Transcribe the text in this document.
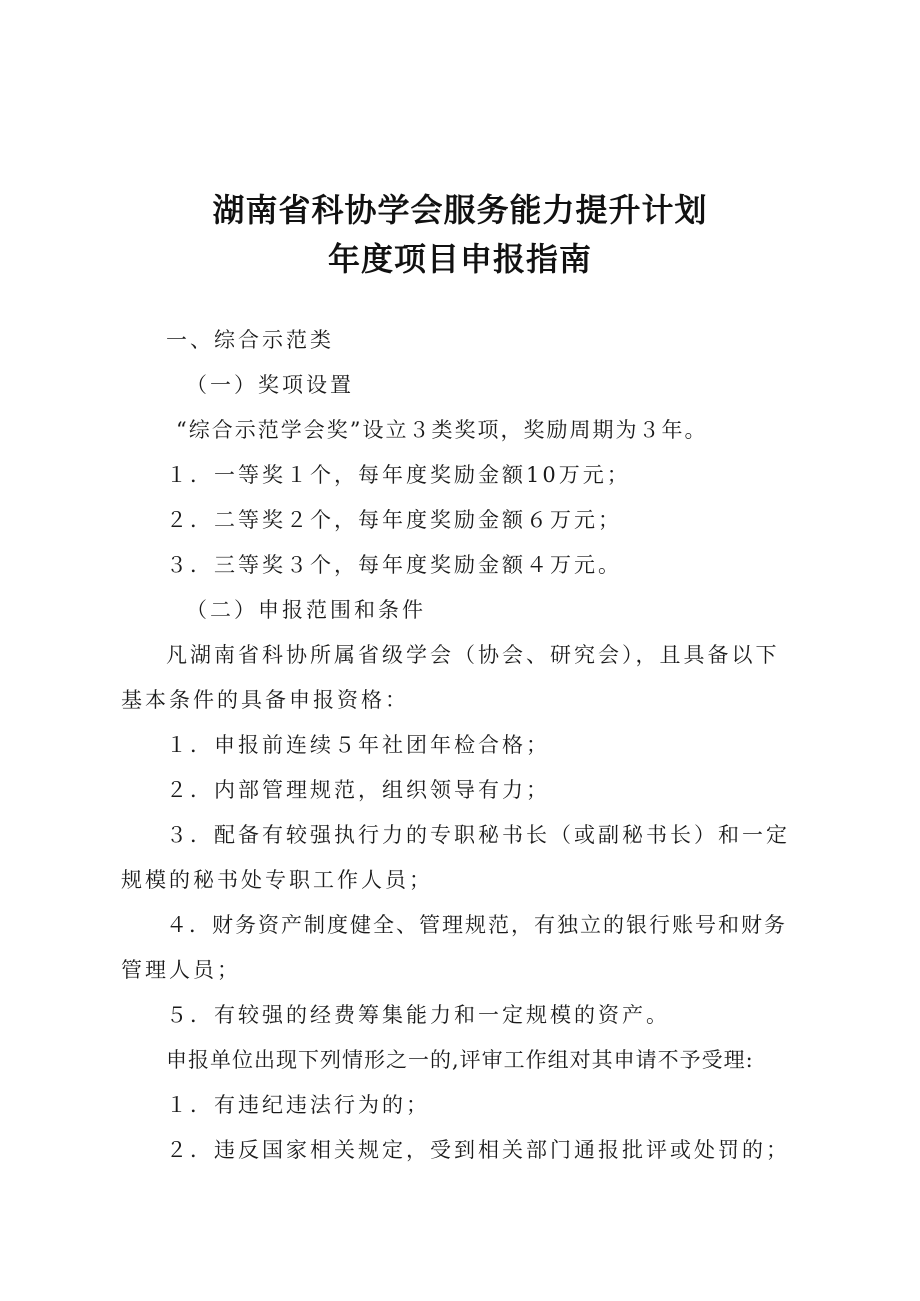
湖南省科协学会服务能力提升计划
年度项目申报指南
一、综合示范类
（一）奖项设置
“综合示范学会奖”设立３类奖项，奖励周期为３年。
１．一等奖１个，每年度奖励金额10万元；
２．二等奖２个，每年度奖励金额６万元；
３．三等奖３个，每年度奖励金额４万元。
（二）申报范围和条件
凡湖南省科协所属省级学会（协会、研究会），且具备以下
基本条件的具备申报资格：
１．申报前连续５年社团年检合格；
２．内部管理规范，组织领导有力；
３．配备有较强执行力的专职秘书长（或副秘书长）和一定
规模的秘书处专职工作人员；
４．财务资产制度健全、管理规范，有独立的银行账号和财务
管理人员；
５．有较强的经费筹集能力和一定规模的资产。
申报单位出现下列情形之一的,评审工作组对其申请不予受理:
１．有违纪违法行为的；
２．违反国家相关规定，受到相关部门通报批评或处罚的；
